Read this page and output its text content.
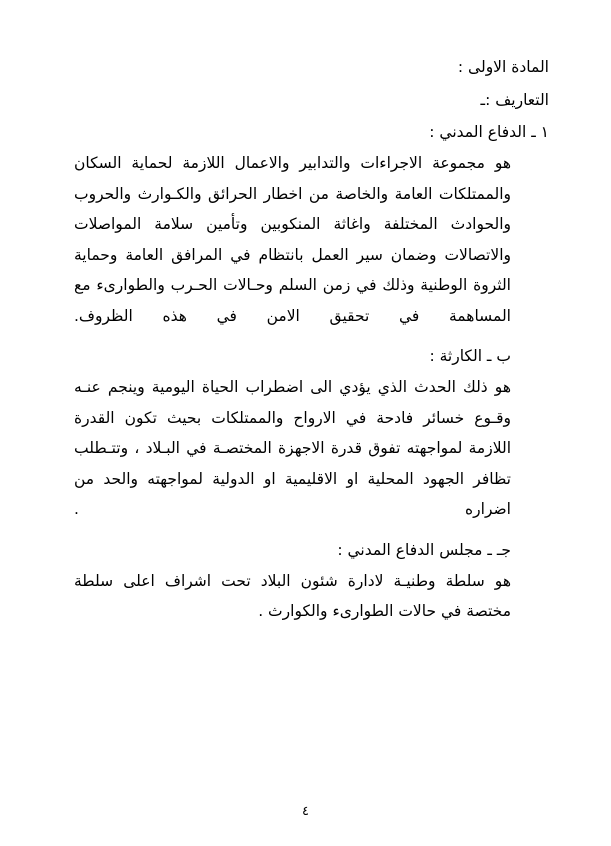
المادة الاولى :

التعاريف :ـ

١ ـ الدفاع المدني :

هو مجموعة الاجراءات والتدابير والاعمال اللازمة لحماية السكان والممتلكات العامة والخاصة من اخطار الحرائق والكـوارث والحروب والحوادث المختلفة واغاثة المنكوبين وتأمين سلامة المواصلات والاتصالات وضمان سير العمل بانتظام في المرافق العامة وحماية الثروة الوطنية وذلك في زمن السلم وحـالات الحـرب والطوارىء مع المساهمة في تحقيق الامن في هذه الظروف.

ب ـ الكارثة :

هو ذلك الحدث الذي يؤدي الى اضطراب الحياة اليومية وينجم عنـه وقـوع خسائر فادحة في الارواح والممتلكات بحيث تكون القدرة اللازمة لمواجهته تفوق قدرة الاجهزة المختصـة في البـلاد ، وتتـطلب تظافر الجهود المحلية او الاقليمية او الدولية لمواجهته والحد من اضراره .

جـ ـ مجلس الدفاع المدني :

هو سلطة وطنيـة لادارة شئون البلاد تحت اشراف اعلى سلطة مختصة في حالات الطوارىء والكوارث .

٤
